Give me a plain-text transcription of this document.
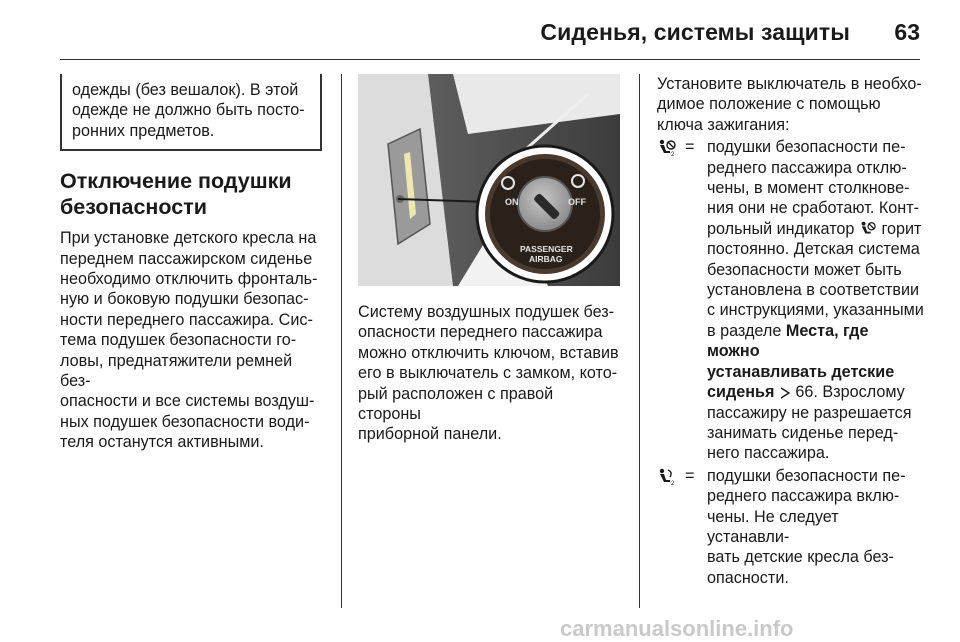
Сиденья, системы защиты 63
одежды (без вешалок). В этой
одежде не должно быть посто-
ронних предметов.
Отключение подушки
безопасности
При установке детского кресла на
переднем пассажирском сиденье
необходимо отключить фронталь-
ную и боковую подушки безопас-
ности переднего пассажира. Сис-
тема подушек безопасности го-
ловы, преднатяжители ремней без-
опасности и все системы воздуш-
ных подушек безопасности води-
теля останутся активными.
ON	OFF
PASSENGER
AIRBAG
Систему воздушных подушек без-
опасности переднего пассажира
можно отключить ключом, вставив
его в выключатель с замком, кото-
рый расположен с правой стороны
приборной панели.
Установите выключатель в необхо-
димое положение с помощью
ключа зажигания:
2 = подушки безопасности пе-
реднего пассажира отклю-
чены, в момент столкнове-
ния они не сработают. Конт-
рольный индикатор горит
постоянно. Детская система
безопасности может быть
установлена в соответствии
с инструкциями, указанными
в разделе Места, где можно
устанавливать детские
сиденья 66. Взрослому
пассажиру не разрешается
занимать сиденье перед-
него пассажира.
2 = подушки безопасности пе-
реднего пассажира вклю-
чены. Не следует устанавли-
вать детские кресла без-
опасности.
carmanualsonline.info
